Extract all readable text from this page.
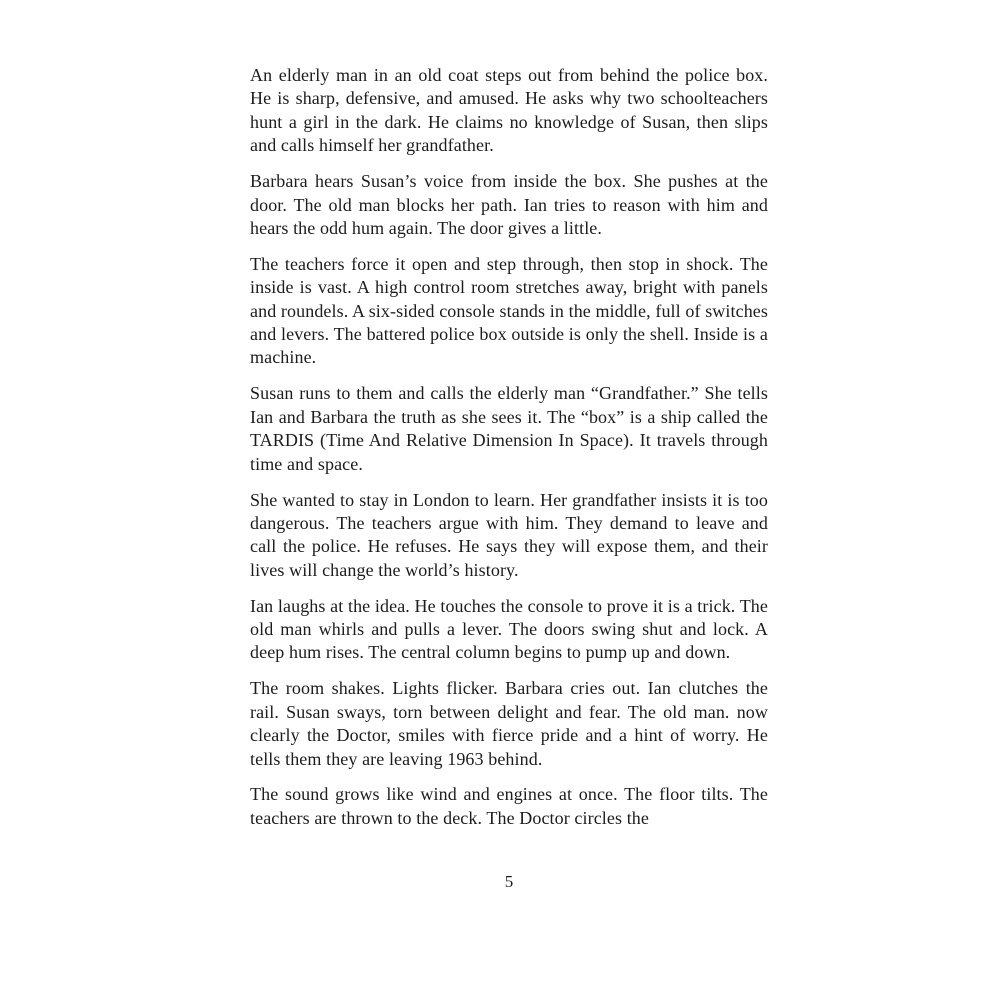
An elderly man in an old coat steps out from behind the police box. He is sharp, defensive, and amused. He asks why two schoolteachers hunt a girl in the dark. He claims no knowledge of Susan, then slips and calls himself her grandfather.

Barbara hears Susan’s voice from inside the box. She pushes at the door. The old man blocks her path. Ian tries to reason with him and hears the odd hum again. The door gives a little.

The teachers force it open and step through, then stop in shock. The inside is vast. A high control room stretches away, bright with panels and roundels. A six-sided console stands in the middle, full of switches and levers. The battered police box outside is only the shell. Inside is a machine.

Susan runs to them and calls the elderly man “Grandfather.” She tells Ian and Barbara the truth as she sees it. The “box” is a ship called the TARDIS (Time And Relative Dimension In Space). It travels through time and space.

She wanted to stay in London to learn. Her grandfather insists it is too dangerous. The teachers argue with him. They demand to leave and call the police. He refuses. He says they will expose them, and their lives will change the world’s history.

Ian laughs at the idea. He touches the console to prove it is a trick. The old man whirls and pulls a lever. The doors swing shut and lock. A deep hum rises. The central column begins to pump up and down.

The room shakes. Lights flicker. Barbara cries out. Ian clutches the rail. Susan sways, torn between delight and fear. The old man. now clearly the Doctor, smiles with fierce pride and a hint of worry. He tells them they are leaving 1963 behind.

The sound grows like wind and engines at once. The floor tilts. The teachers are thrown to the deck. The Doctor circles the

5
